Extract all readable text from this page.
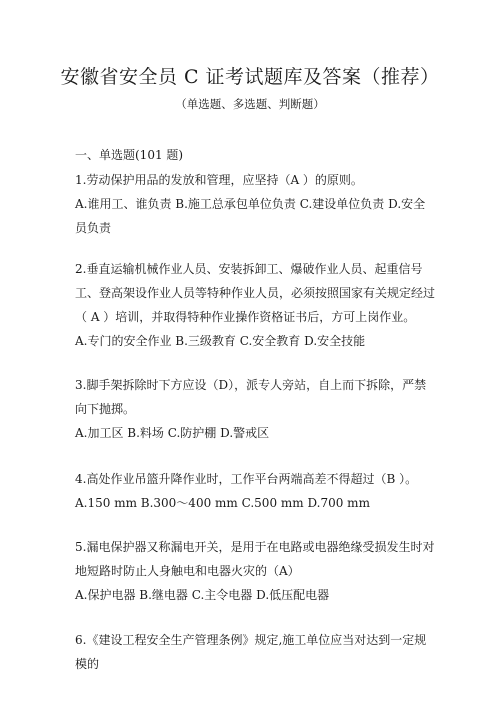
安徽省安全员 C 证考试题库及答案（推荐）
（单选题、多选题、判断题）
一、单选题(101 题)

1.劳动保护用品的发放和管理，应坚持（A ）的原则。

A.谁用工、谁负责 B.施工总承包单位负责 C.建设单位负责 D.安全员负责

2.垂直运输机械作业人员、安装拆卸工、爆破作业人员、起重信号工、登高架设作业人员等特种作业人员，必须按照国家有关规定经过（ A ）培训，并取得特种作业操作资格证书后，方可上岗作业。

A.专门的安全作业 B.三级教育 C.安全教育 D.安全技能

3.脚手架拆除时下方应设（D），派专人旁站，自上而下拆除，严禁向下抛掷。

A.加工区 B.料场 C.防护棚 D.警戒区

4.高处作业吊篮升降作业时，工作平台两端高差不得超过（B ）。

A.150 mm B.300～400 mm C.500 mm D.700 mm

5.漏电保护器又称漏电开关，是用于在电路或电器绝缘受损发生时对地短路时防止人身触电和电器火灾的（A）

A.保护电器 B.继电器 C.主令电器 D.低压配电器

6.《建设工程安全生产管理条例》规定,施工单位应当对达到一定规模的
